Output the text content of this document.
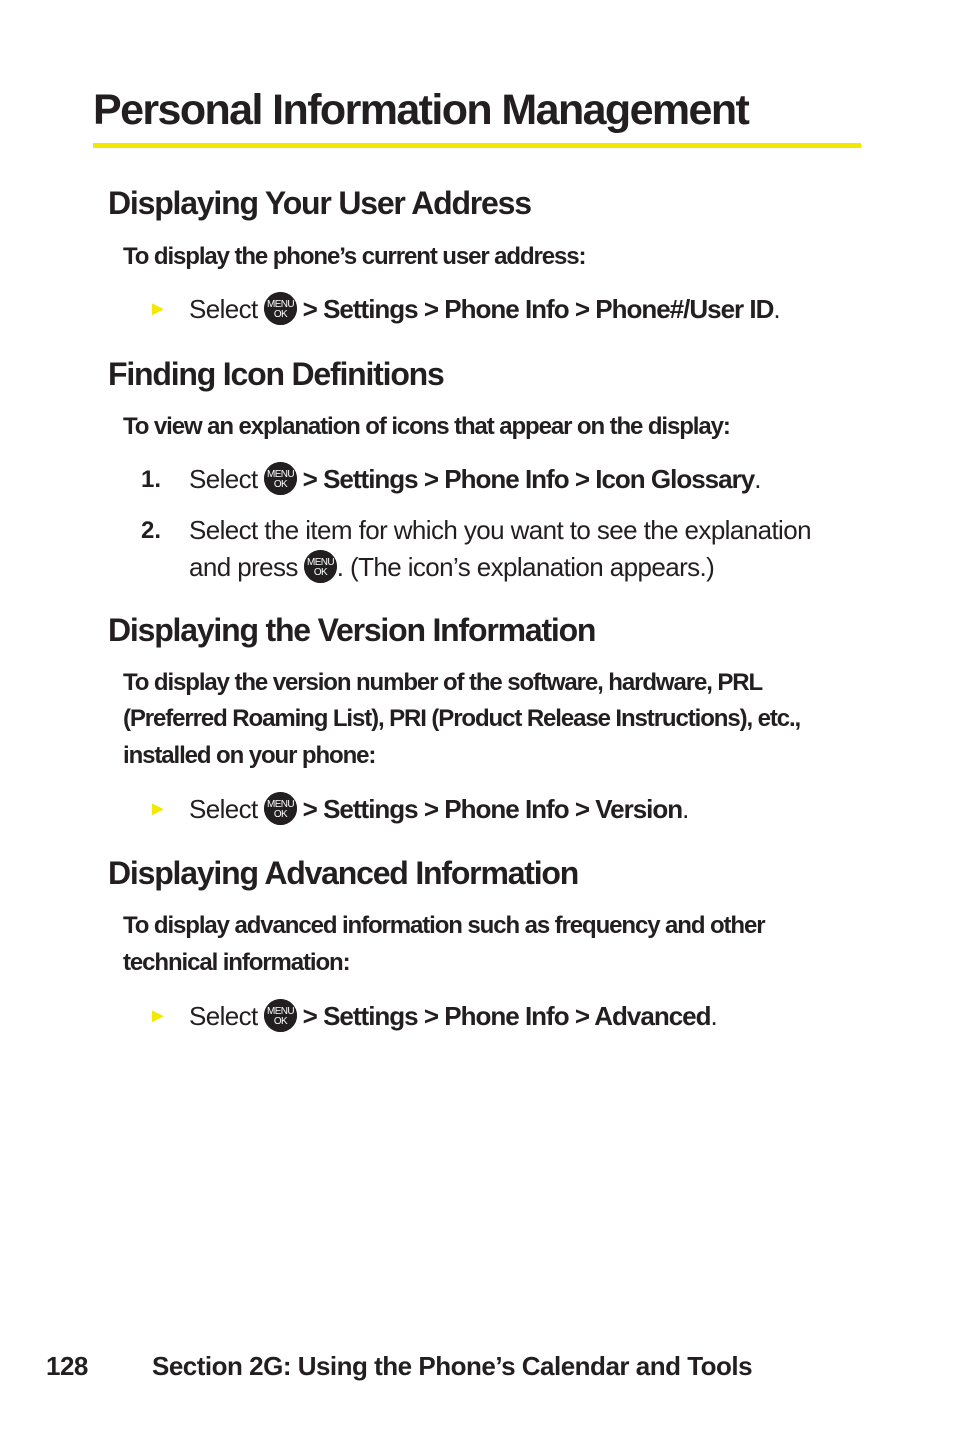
Personal Information Management
Displaying Your User Address

To display the phone’s current user address:

► Select > Settings > Phone Info > Phone#/User ID.
Finding Icon Definitions

To view an explanation of icons that appear on the display:

1. Select > Settings > Phone Info > Icon Glossary.
2. Select the item for which you want to see the explanation
and press . (The icon’s explanation appears.)
Displaying the Version Information

To display the version number of the software, hardware, PRL

(Preferred Roaming List), PRI (Product Release Instructions), etc.,

installed on your phone:

► Select > Settings > Phone Info > Version.
Displaying Advanced Information

To display advanced information such as frequency and other

technical information:

► Select > Settings > Phone Info > Advanced.
128 Section 2G: Using the Phone’s Calendar and Tools
